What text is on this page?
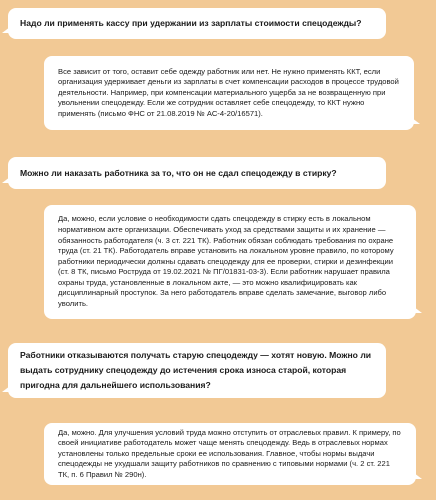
Надо ли применять кассу при удержании из зарплаты стоимости спецодежды?

Все зависит от того, оставит себе одежду работник или нет. Не нужно применять ККТ, если организация удерживает деньги из зарплаты в счет компенсации расходов в процессе трудовой деятельности. Например, при компенсации материального ущерба за не возвращенную при увольнении спецодежду. Если же сотрудник оставляет себе спецодежду, то ККТ нужно применять (письмо ФНС от 21.08.2019 № АС-4-20/16571).

Можно ли наказать работника за то, что он не сдал спецодежду в стирку?

Да, можно, если условие о необходимости сдать спецодежду в стирку есть в локальном нормативном акте организации. Обеспечивать уход за средствами защиты и их хранение — обязанность работодателя (ч. 3 ст. 221 ТК). Работник обязан соблюдать требования по охране труда (ст. 21 ТК). Работодатель вправе установить на локальном уровне правило, по которому работники периодически должны сдавать спецодежду для ее проверки, стирки и дезинфекции (ст. 8 ТК, письмо Роструда от 19.02.2021 № ПГ/01831-03-3). Если работник нарушает правила охраны труда, установленные в локальном акте, — это можно квалифицировать как дисциплинарный проступок. За него работодатель вправе сделать замечание, выговор либо уволить.

Работники отказываются получать старую спецодежду — хотят новую. Можно ли выдать сотруднику спецодежду до истечения срока износа старой, которая пригодна для дальнейшего использования?

Да, можно. Для улучшения условий труда можно отступить от отраслевых правил. К примеру, по своей инициативе работодатель может чаще менять спецодежду. Ведь в отраслевых нормах установлены только предельные сроки ее использования. Главное, чтобы нормы выдачи спецодежды не ухудшали защиту работников по сравнению с типовыми нормами (ч. 2 ст. 221 ТК, п. 6 Правил № 290н).
